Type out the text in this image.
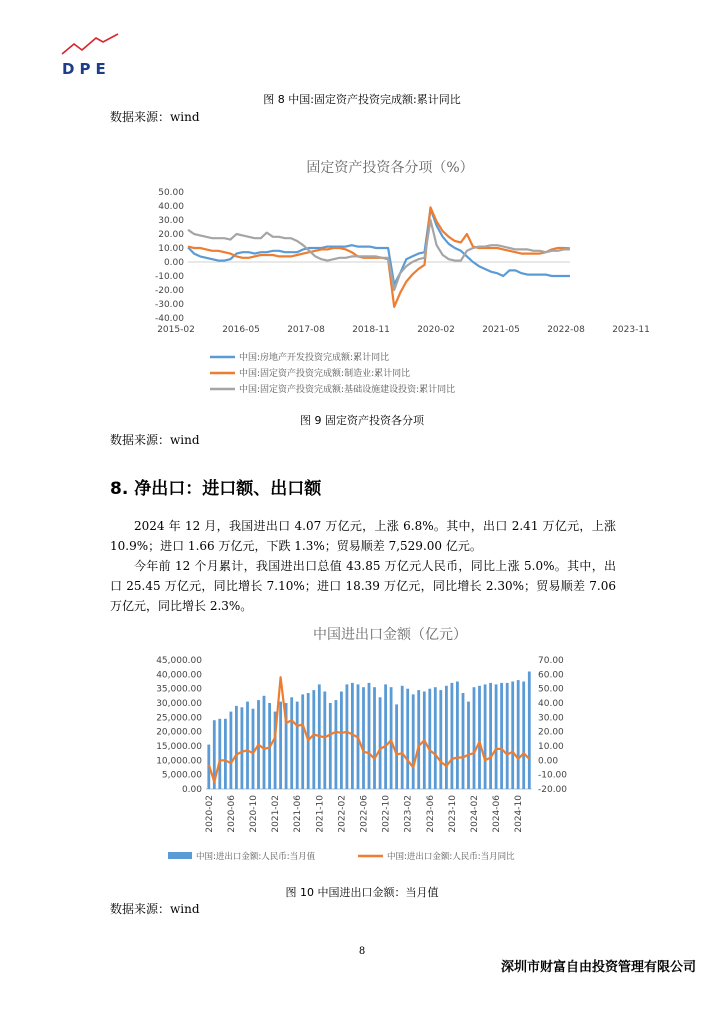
DPE
图 8 中国:固定资产投资完成额:累计同比
数据来源：wind
固定资产投资各分项（%）
50.00
40.00
30.00
20.00
10.00
0.00
-10.00
-20.00
-30.00
-40.00
2015-02	2016-05	2017-08	2018-11	2020-02	2021-05	2022-08	2023-11
中国:房地产开发投资完成额:累计同比
中国:固定资产投资完成额:制造业:累计同比
中国:固定资产投资完成额:基础设施建设投资:累计同比
图 9 固定资产投资各分项
数据来源：wind
8. 净出口：进口额、出口额

2024 年 12 月，我国进出口 4.07 万亿元，上涨 6.8%。其中，出口 2.41 万亿元，上涨 10.9%；进口 1.66 万亿元，下跌 1.3%；贸易顺差 7,529.00 亿元。

今年前 12 个月累计，我国进出口总值 43.85 万亿元人民币，同比上涨 5.0%。其中，出口 25.45 万亿元，同比增长 7.10%；进口 18.39 万亿元，同比增长 2.30%；贸易顺差 7.06 万亿元，同比增长 2.3%。

中国进出口金额（亿元）
45,000.00
40,000.00
35,000.00
30,000.00
25,000.00
20,000.00
15,000.00
10,000.00
5,000.00
0.00
70.00
60.00
50.00
40.00
30.00
20.00
10.00
0.00
-10.00
-20.00
2020-02 2020-06 2020-10 2021-02 2021-06 2021-10 2022-02 2022-06 2022-10 2023-02 2023-06 2023-10 2024-02 2024-06 2024-10
中国:进出口金额:人民币:当月值	中国:进出口金额:人民币:当月同比
图 10 中国进出口金额：当月值
数据来源：wind
8
深圳市财富自由投资管理有限公司
